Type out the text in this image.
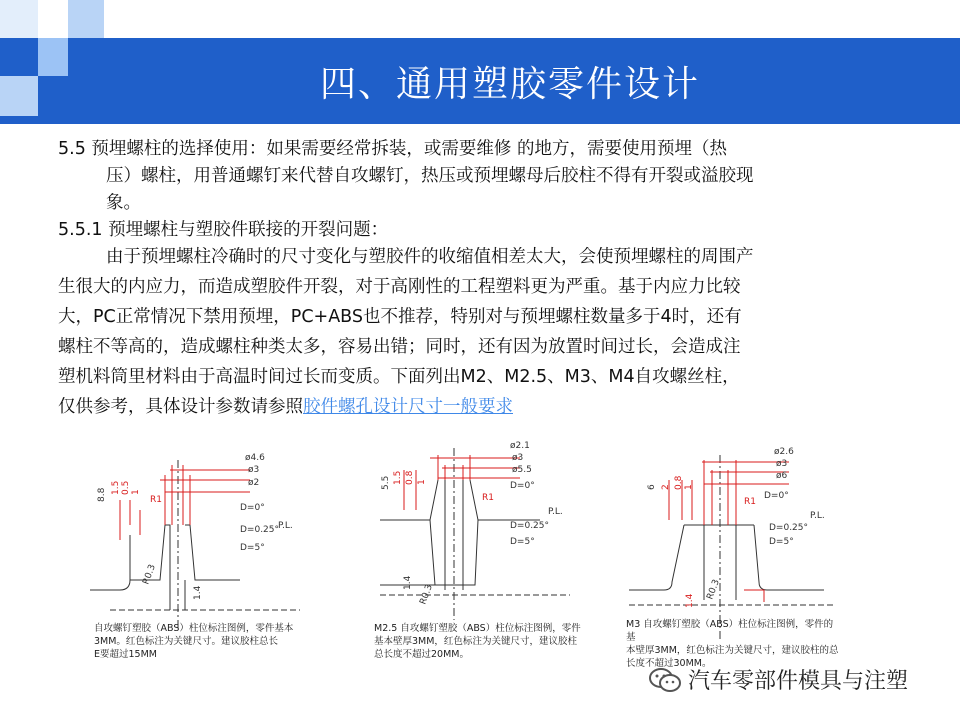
四、通用塑胶零件设计

5.5 预埋螺柱的选择使用：如果需要经常拆装，或需要维修 的地方，需要使用预埋（热

压）螺柱，用普通螺钉来代替自攻螺钉，热压或预埋螺母后胶柱不得有开裂或溢胶现

象。

5.5.1 预埋螺柱与塑胶件联接的开裂问题：

由于预埋螺柱冷确时的尺寸变化与塑胶件的收缩值相差太大，会使预埋螺柱的周围产

生很大的内应力，而造成塑胶件开裂，对于高刚性的工程塑料更为严重。基于内应力比较

大，PC正常情况下禁用预埋，PC+ABS也不推荐，特别对与预埋螺柱数量多于4时，还有

螺柱不等高的，造成螺柱种类太多，容易出错；同时，还有因为放置时间过长，会造成注

塑机料筒里材料由于高温时间过长而变质。下面列出M2、M2.5、M3、M4自攻螺丝柱，

仅供参考，具体设计参数请参照胶件螺孔设计尺寸一般要求

ø4.6
ø3
ø2
D=0°
D=0.25°
D=5°
P.L.
8.8 1.5 0.5 1
R1
R0.3
1.4
自攻螺钉塑胶（ABS）柱位标注图例，零件基本
3MM。红色标注为关键尺寸。建议胶柱总长
E要超过15MM
ø2.1
ø3
ø5.5
D=0°
D=0.25°
D=5°
P.L.
5.5 1.5 0.8 1
R1
R0.3
1.4
M2.5 自攻螺钉塑胶（ABS）柱位标注图例，零件
基本壁厚3MM，红色标注为关键尺寸，建议胶柱
总长度不超过20MM。
ø2.6
ø3
ø6
D=0°
D=0.25°
D=5°
P.L.
6 2 0.8 1
R1
R0.3
1.4
M3 自攻螺钉塑胶（ABS）柱位标注图例，零件的基
本壁厚3MM，红色标注为关键尺寸，建议胶柱的总
长度不超过30MM。
汽车零部件模具与注塑
